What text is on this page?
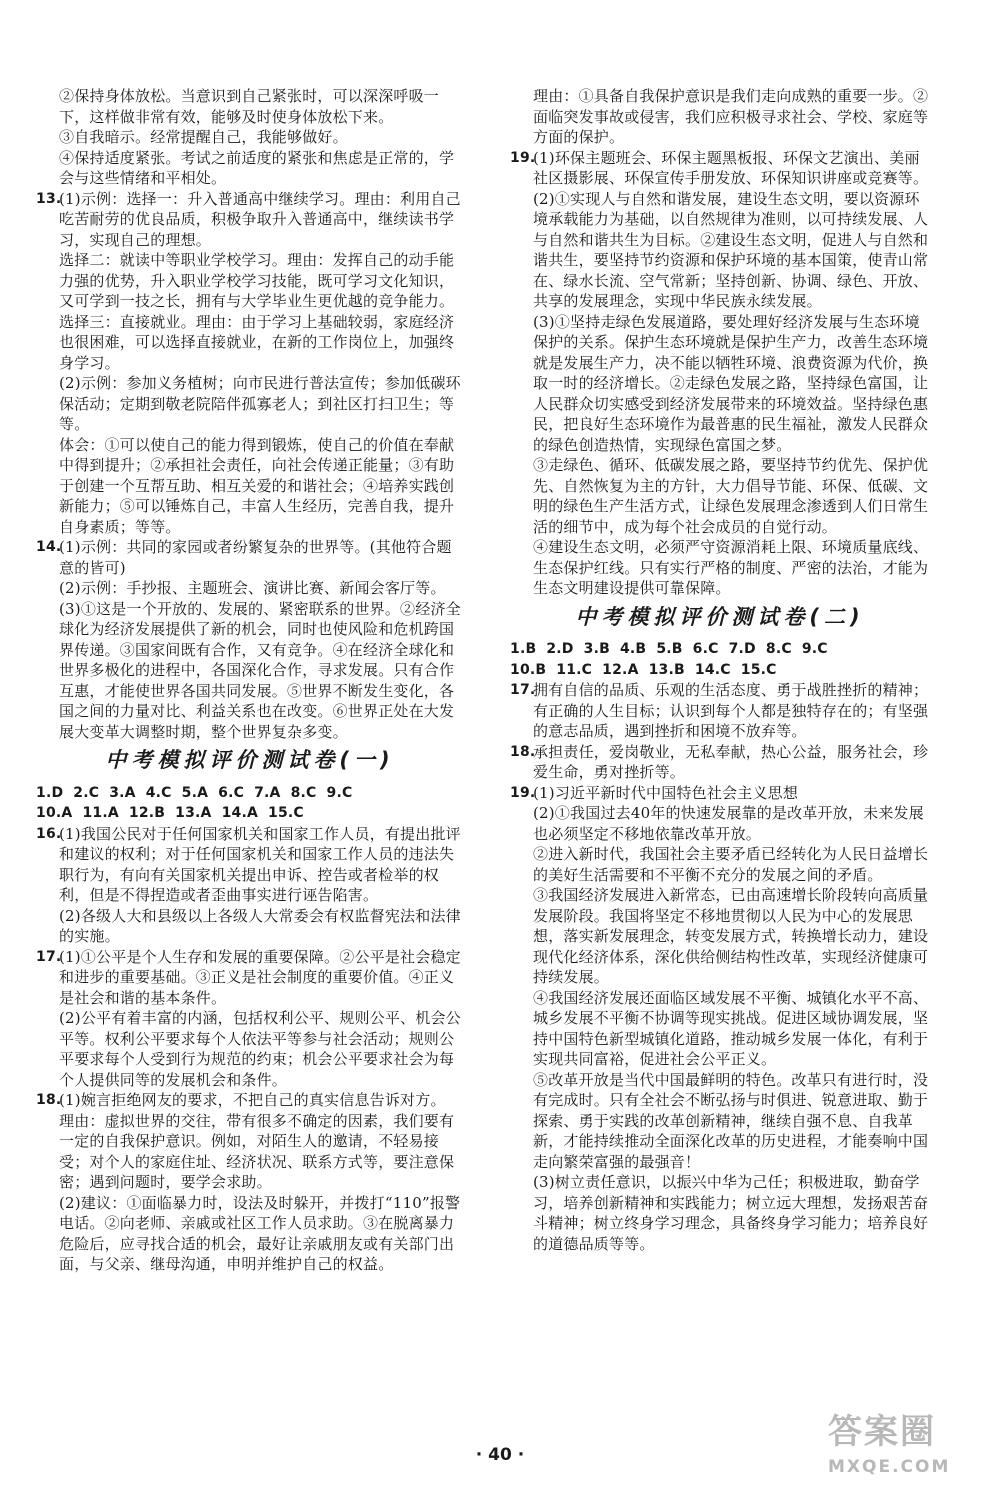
②保持身体放松。当意识到自己紧张时，可以深深呼吸一下，这样做非常有效，能够及时使身体放松下来。

③自我暗示。经常提醒自己，我能够做好。

④保持适度紧张。考试之前适度的紧张和焦虑是正常的，学会与这些情绪和平相处。

13.

(1)示例：选择一：升入普通高中继续学习。理由：利用自己吃苦耐劳的优良品质，积极争取升入普通高中，继续读书学习，实现自己的理想。

选择二：就读中等职业学校学习。理由：发挥自己的动手能力强的优势，升入职业学校学习技能，既可学习文化知识，又可学到一技之长，拥有与大学毕业生更优越的竞争能力。

选择三：直接就业。理由：由于学习上基础较弱，家庭经济也很困难，可以选择直接就业，在新的工作岗位上，加强终身学习。

(2)示例：参加义务植树；向市民进行普法宣传；参加低碳环保活动；定期到敬老院陪伴孤寡老人；到社区打扫卫生；等等。

体会：①可以使自己的能力得到锻炼，使自己的价值在奉献中得到提升；②承担社会责任，向社会传递正能量；③有助于创建一个互帮互助、相互关爱的和谐社会；④培养实践创新能力；⑤可以锤炼自己，丰富人生经历，完善自我，提升自身素质；等等。

14.

(1)示例：共同的家园或者纷繁复杂的世界等。(其他符合题意的皆可)

(2)示例：手抄报、主题班会、演讲比赛、新闻会客厅等。

(3)①这是一个开放的、发展的、紧密联系的世界。②经济全球化为经济发展提供了新的机会，同时也使风险和危机跨国界传递。③国家间既有合作，又有竞争。④在经济全球化和世界多极化的进程中，各国深化合作，寻求发展。只有合作互惠，才能使世界各国共同发展。⑤世界不断发生变化，各国之间的力量对比、利益关系也在改变。⑥世界正处在大发展大变革大调整时期，整个世界复杂多变。

中考模拟评价测试卷(一)
1.D 2.C 3.A 4.C 5.A 6.C 7.A 8.C 9.C
10.A 11.A 12.B 13.A 14.A 15.C
16.

(1)我国公民对于任何国家机关和国家工作人员，有提出批评和建议的权利；对于任何国家机关和国家工作人员的违法失职行为，有向有关国家机关提出申诉、控告或者检举的权利，但是不得捏造或者歪曲事实进行诬告陷害。

(2)各级人大和县级以上各级人大常委会有权监督宪法和法律的实施。

17.

(1)①公平是个人生存和发展的重要保障。②公平是社会稳定和进步的重要基础。③正义是社会制度的重要价值。④正义是社会和谐的基本条件。

(2)公平有着丰富的内涵，包括权利公平、规则公平、机会公平等。权利公平要求每个人依法平等参与社会活动；规则公平要求每个人受到行为规范的约束；机会公平要求社会为每个人提供同等的发展机会和条件。

18.

(1)婉言拒绝网友的要求，不把自己的真实信息告诉对方。

理由：虚拟世界的交往，带有很多不确定的因素，我们要有一定的自我保护意识。例如，对陌生人的邀请，不轻易接受；对个人的家庭住址、经济状况、联系方式等，要注意保密；遇到问题时，要学会求助。

(2)建议：①面临暴力时，设法及时躲开，并拨打“110”报警电话。②向老师、亲戚或社区工作人员求助。③在脱离暴力危险后，应寻找合适的机会，最好让亲戚朋友或有关部门出面，与父亲、继母沟通，申明并维护自己的权益。

理由：①具备自我保护意识是我们走向成熟的重要一步。②面临突发事故或侵害，我们应积极寻求社会、学校、家庭等方面的保护。

19.

(1)环保主题班会、环保主题黑板报、环保文艺演出、美丽社区摄影展、环保宣传手册发放、环保知识讲座或竞赛等。

(2)①实现人与自然和谐发展，建设生态文明，要以资源环境承载能力为基础，以自然规律为准则，以可持续发展、人与自然和谐共生为目标。②建设生态文明，促进人与自然和谐共生，要坚持节约资源和保护环境的基本国策，使青山常在、绿水长流、空气常新；坚持创新、协调、绿色、开放、共享的发展理念，实现中华民族永续发展。

(3)①坚持走绿色发展道路，要处理好经济发展与生态环境保护的关系。保护生态环境就是保护生产力，改善生态环境就是发展生产力，决不能以牺牲环境、浪费资源为代价，换取一时的经济增长。②走绿色发展之路，坚持绿色富国，让人民群众切实感受到经济发展带来的环境效益。坚持绿色惠民，把良好生态环境作为最普惠的民生福祉，激发人民群众的绿色创造热情，实现绿色富国之梦。

③走绿色、循环、低碳发展之路，要坚持节约优先、保护优先、自然恢复为主的方针，大力倡导节能、环保、低碳、文明的绿色生产生活方式，让绿色发展理念渗透到人们日常生活的细节中，成为每个社会成员的自觉行动。

④建设生态文明，必须严守资源消耗上限、环境质量底线、生态保护红线。只有实行严格的制度、严密的法治，才能为生态文明建设提供可靠保障。

中考模拟评价测试卷(二)
1.B 2.D 3.B 4.B 5.B 6.C 7.D 8.C 9.C
10.B 11.C 12.A 13.B 14.C 15.C
17.

拥有自信的品质、乐观的生活态度、勇于战胜挫折的精神；有正确的人生目标；认识到每个人都是独特存在的；有坚强的意志品质，遇到挫折和困境不放弃等。

18.

承担责任，爱岗敬业，无私奉献，热心公益，服务社会，珍爱生命，勇对挫折等。

19.

(1)习近平新时代中国特色社会主义思想

(2)①我国过去40年的快速发展靠的是改革开放，未来发展也必须坚定不移地依靠改革开放。

②进入新时代，我国社会主要矛盾已经转化为人民日益增长的美好生活需要和不平衡不充分的发展之间的矛盾。

③我国经济发展进入新常态，已由高速增长阶段转向高质量发展阶段。我国将坚定不移地贯彻以人民为中心的发展思想，落实新发展理念，转变发展方式，转换增长动力，建设现代化经济体系，深化供给侧结构性改革，实现经济健康可持续发展。

④我国经济发展还面临区域发展不平衡、城镇化水平不高、城乡发展不平衡不协调等现实挑战。促进区域协调发展，坚持中国特色新型城镇化道路，推动城乡发展一体化，有利于实现共同富裕，促进社会公平正义。

⑤改革开放是当代中国最鲜明的特色。改革只有进行时，没有完成时。只有全社会不断弘扬与时俱进、锐意进取、勤于探索、勇于实践的改革创新精神，继续自强不息、自我革新，才能持续推动全面深化改革的历史进程，才能奏响中国走向繁荣富强的最强音！

(3)树立责任意识，以振兴中华为己任；积极进取，勤奋学习，培养创新精神和实践能力；树立远大理想，发扬艰苦奋斗精神；树立终身学习理念，具备终身学习能力；培养良好的道德品质等等。

· 40 ·
答案圈
MXQE.COM
